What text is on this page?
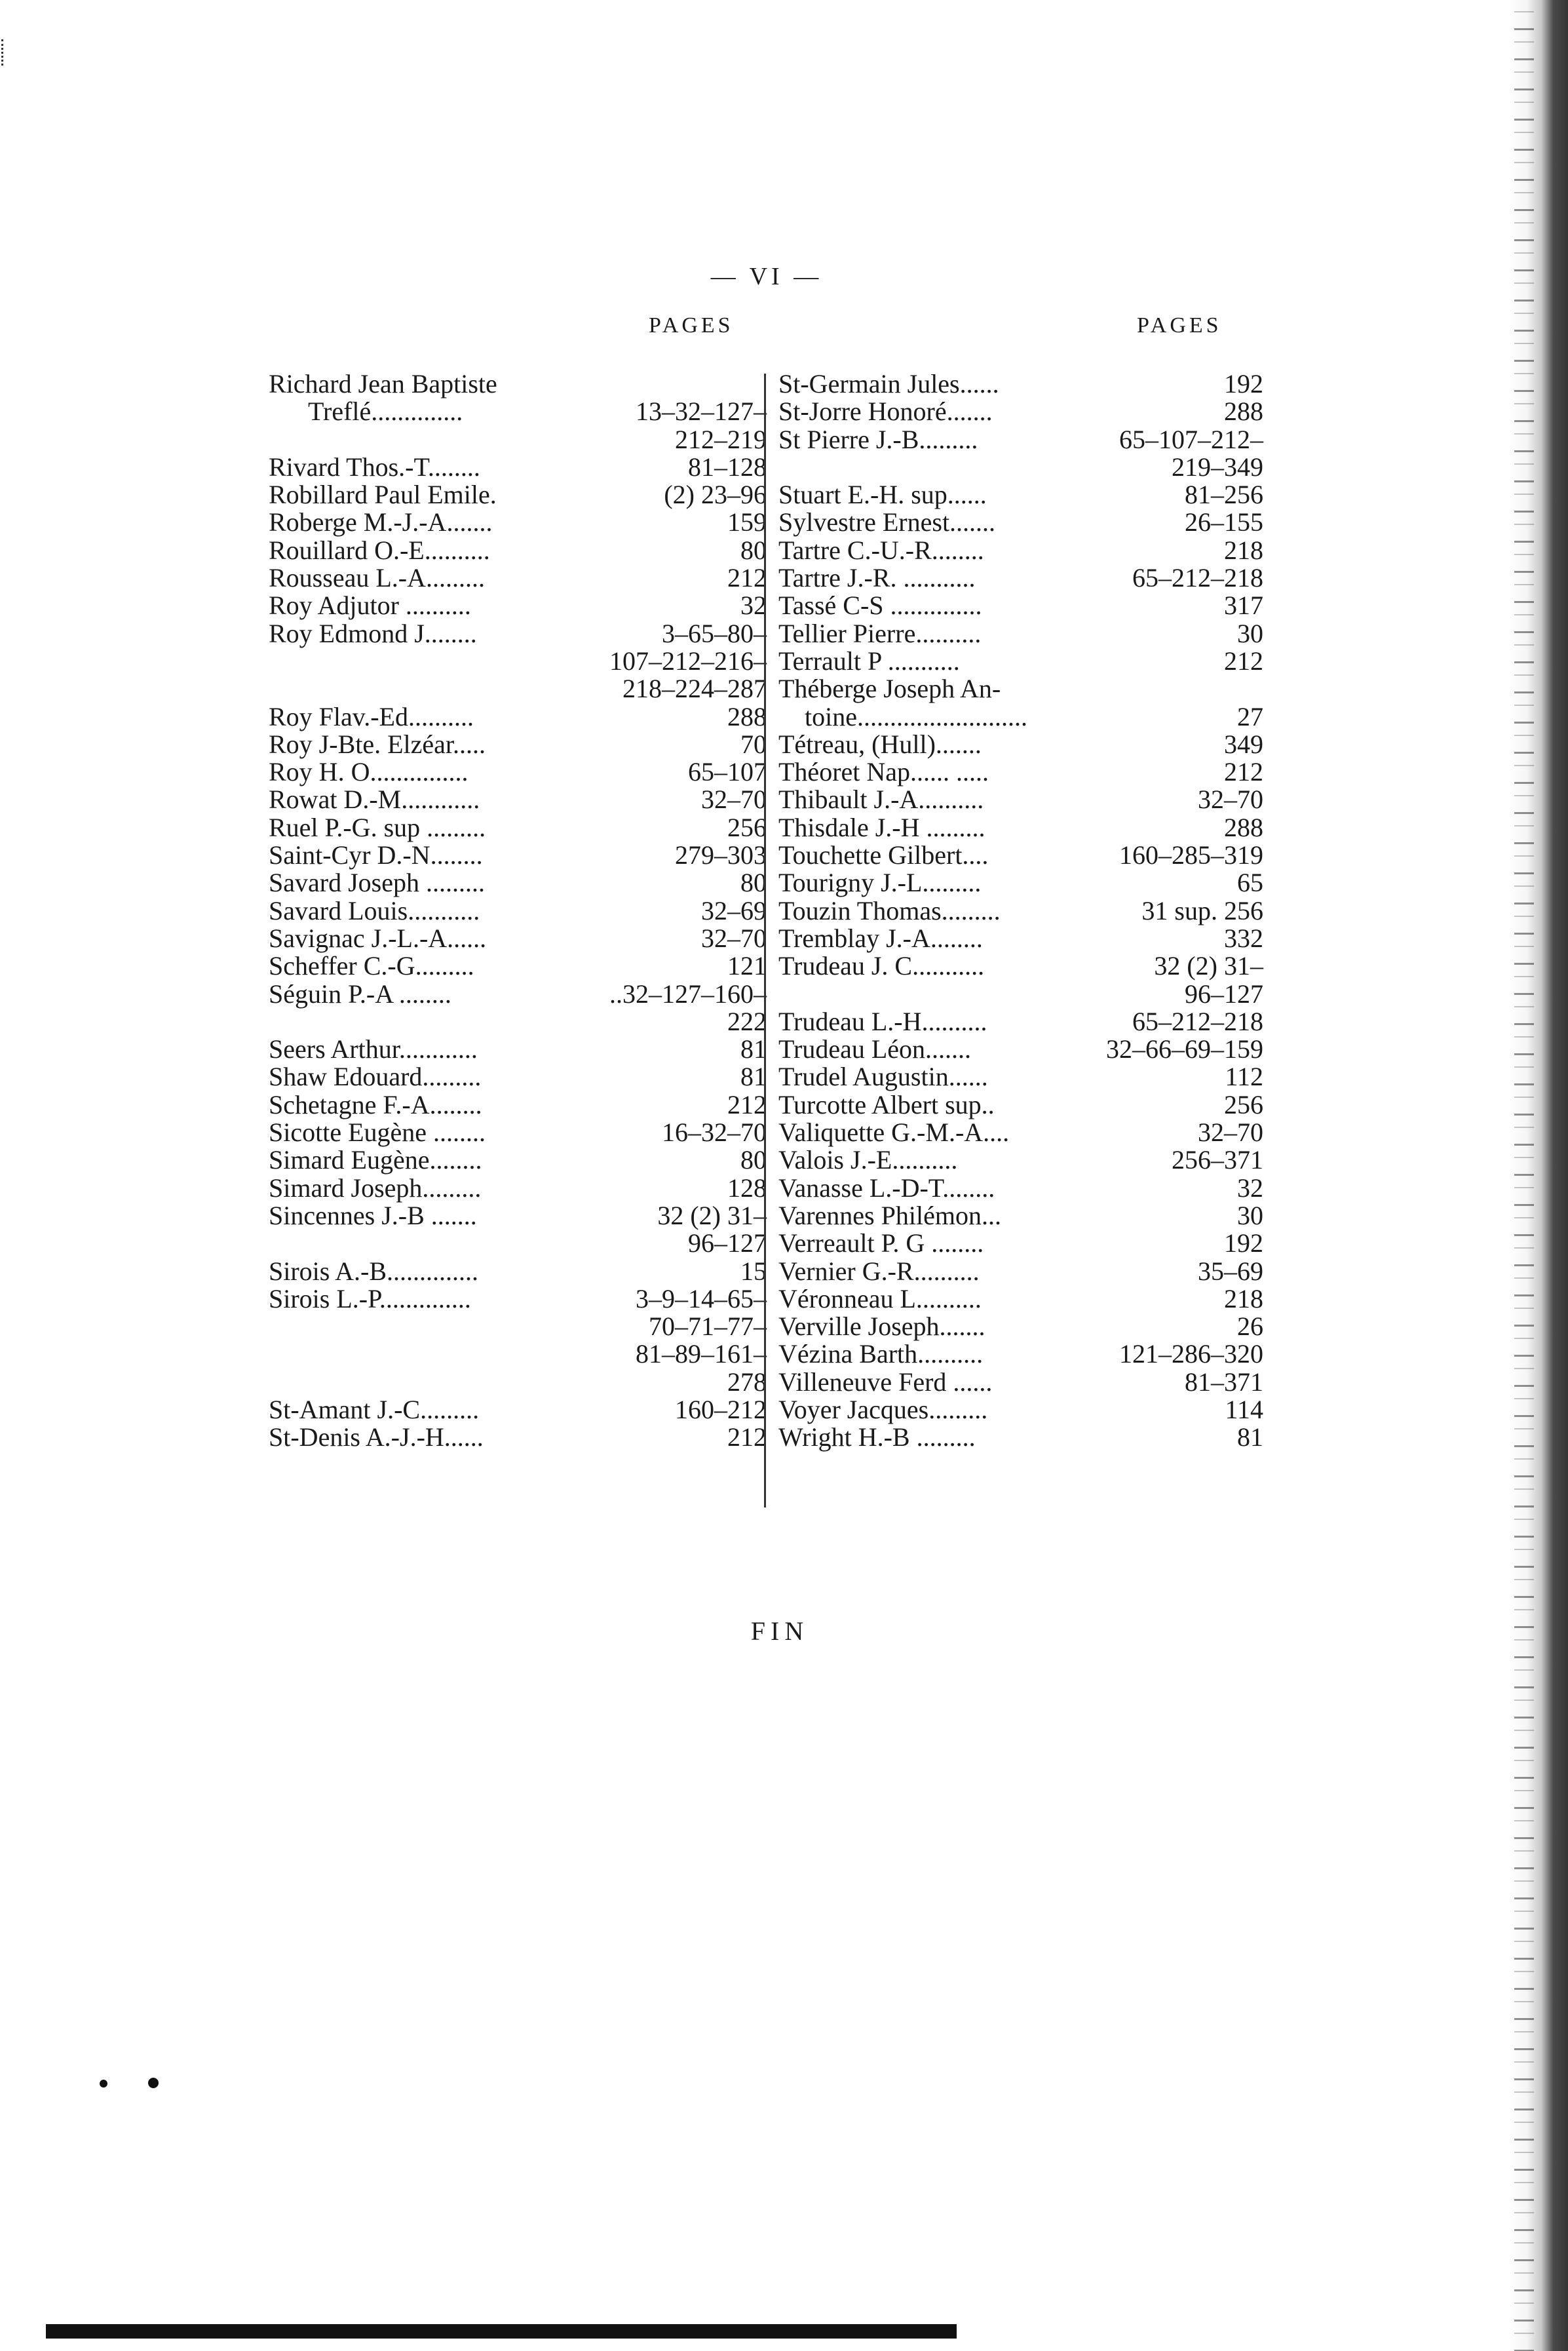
— VI —
PAGES	PAGES
Richard Jean Baptiste
Treflé..............	13–32–127–
212–219
Rivard Thos.-T........	81–128
Robillard Paul Emile.	(2) 23–96
Roberge M.-J.-A.......	159
Rouillard O.-E..........	80
Rousseau L.-A.........	212
Roy Adjutor ..........	32
Roy Edmond J........	3–65–80–
107–212–216–
218–224–287
Roy Flav.-Ed..........	288
Roy J-Bte. Elzéar.....	70
Roy H. O...............	65–107
Rowat D.-M............	32–70
Ruel P.-G. sup .........	256
Saint-Cyr D.-N........	279–303
Savard Joseph .........	80
Savard Louis...........	32–69
Savignac J.-L.-A......	32–70
Scheffer C.-G.........	121
Séguin P.-A ........	..32–127–160–
222
Seers Arthur............	81
Shaw Edouard.........	81
Schetagne F.-A........	212
Sicotte Eugène ........	16–32–70
Simard Eugène........	80
Simard Joseph.........	128
Sincennes J.-B .......	32 (2) 31–
96–127
Sirois A.-B..............	15
Sirois L.-P..............	3–9–14–65–
70–71–77–
81–89–161–
278
St-Amant J.-C.........	160–212
St-Denis A.-J.-H......	212
St-Germain Jules......	192
St-Jorre Honoré.......	288
St Pierre J.-B.........	65–107–212–
219–349
Stuart E.-H. sup......	81–256
Sylvestre Ernest.......	26–155
Tartre C.-U.-R........	218
Tartre J.-R. ...........	65–212–218
Tassé C-S ..............	317
Tellier Pierre..........	30
Terrault P ...........	212
Théberge Joseph An-
toine..........................	27
Tétreau, (Hull).......	349
Théoret Nap...... .....	212
Thibault J.-A..........	32–70
Thisdale J.-H .........	288
Touchette Gilbert....	160–285–319
Tourigny J.-L.........	65
Touzin Thomas.........	31 sup. 256
Tremblay J.-A........	332
Trudeau J. C...........	32 (2) 31–
96–127
Trudeau L.-H..........	65–212–218
Trudeau Léon.......	32–66–69–159
Trudel Augustin......	112
Turcotte Albert sup..	256
Valiquette G.-M.-A....	32–70
Valois J.-E..........	256–371
Vanasse L.-D-T........	32
Varennes Philémon...	30
Verreault P. G ........	192
Vernier G.-R..........	35–69
Véronneau L..........	218
Verville Joseph.......	26
Vézina Barth..........	121–286–320
Villeneuve Ferd ......	81–371
Voyer Jacques.........	114
Wright H.-B .........	81
FIN
